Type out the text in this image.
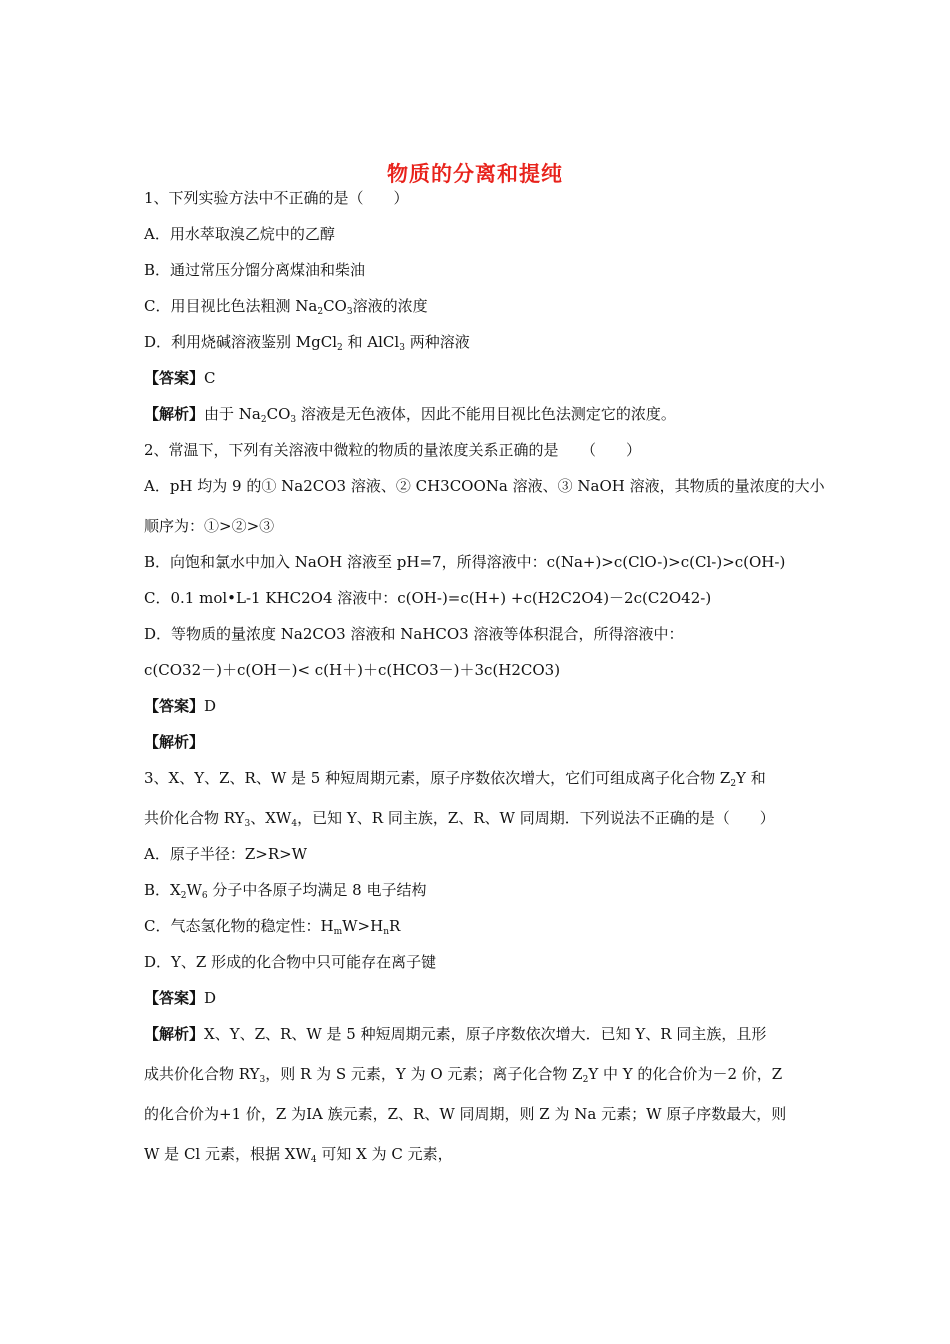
物质的分离和提纯
1、下列实验方法中不正确的是（　　）
A．用水萃取溴乙烷中的乙醇
B．通过常压分馏分离煤油和柴油
C．用目视比色法粗测 $Na_2CO_3$溶液的浓度
D．利用烧碱溶液鉴别 MgCl$_2$ 和 AlCl$_3$ 两种溶液
【答案】C
【解析】由于 $Na_2CO_3$ 溶液是无色液体，因此不能用目视比色法测定它的浓度。
2、常温下，下列有关溶液中微粒的物质的量浓度关系正确的是　　（　　）
A．pH 均为 9 的① Na2CO3 溶液、② CH3COONa 溶液、③ NaOH 溶液，其物质的量浓度的大小
顺序为：①>②>③
B．向饱和氯水中加入 NaOH 溶液至 pH=7，所得溶液中：c(Na+)>c(ClO-)>c(Cl-)>c(OH-)
C．0.1 mol•L-1 KHC2O4 溶液中：c(OH-)=c(H+) +c(H2C2O4)－2c(C2O42-)
D．等物质的量浓度 Na2CO3 溶液和 NaHCO3 溶液等体积混合，所得溶液中：
c(CO32－)＋c(OH－)< c(H＋)＋c(HCO3－)＋3c(H2CO3)
【答案】D
【解析】
3、X、Y、Z、R、W 是 5 种短周期元素，原子序数依次增大，它们可组成离子化合物 $Z_2Y$ 和
共价化合物 $RY_3$、$XW_4$，已知 Y、R 同主族，Z、R、W 同周期．下列说法不正确的是（　　）
A．原子半径：Z>R>W
B．$X_2W_6$ 分子中各原子均满足 8 电子结构
C．气态氢化物的稳定性：$H_mW>H_nR$
D．Y、Z 形成的化合物中只可能存在离子键
【答案】D
【解析】X、Y、Z、R、W 是 5 种短周期元素，原子序数依次增大．已知 Y、R 同主族，且形
成共价化合物 $RY_3$，则 R 为 S 元素，Y 为 O 元素；离子化合物 $Z_2Y$ 中 Y 的化合价为－2 价，Z
的化合价为+1 价，Z 为ⅠA 族元素，Z、R、W 同周期，则 Z 为 Na 元素；W 原子序数最大，则
W 是 Cl 元素，根据 $XW_4$ 可知 X 为 C 元素，
